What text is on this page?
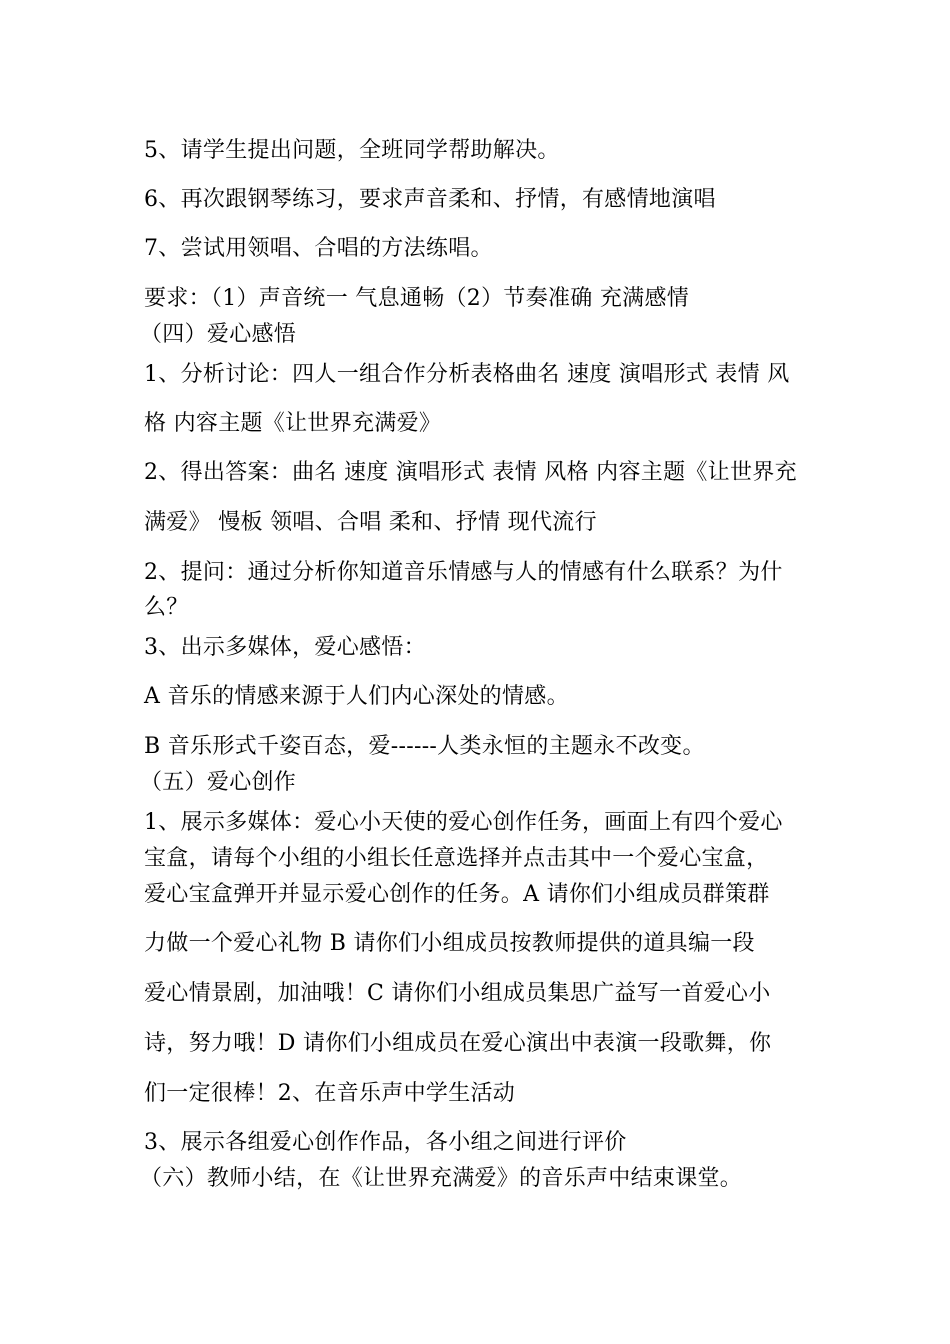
5、请学生提出问题，全班同学帮助解决。
6、再次跟钢琴练习，要求声音柔和、抒情，有感情地演唱
7、尝试用领唱、合唱的方法练唱。
要求：（1）声音统一 气息通畅（2）节奏准确 充满感情
（四）爱心感悟
1、分析讨论：四人一组合作分析表格曲名 速度 演唱形式 表情 风
格 内容主题《让世界充满爱》
2、得出答案：曲名 速度 演唱形式 表情 风格 内容主题《让世界充
满爱》 慢板 领唱、合唱 柔和、抒情 现代流行
2、提问：通过分析你知道音乐情感与人的情感有什么联系？为什
么？
3、出示多媒体，爱心感悟：
A 音乐的情感来源于人们内心深处的情感。
B 音乐形式千姿百态，爱------人类永恒的主题永不改变。
（五）爱心创作
1、展示多媒体：爱心小天使的爱心创作任务，画面上有四个爱心
宝盒，请每个小组的小组长任意选择并点击其中一个爱心宝盒，
爱心宝盒弹开并显示爱心创作的任务。A 请你们小组成员群策群
力做一个爱心礼物 B 请你们小组成员按教师提供的道具编一段
爱心情景剧，加油哦！C 请你们小组成员集思广益写一首爱心小
诗，努力哦！D 请你们小组成员在爱心演出中表演一段歌舞，你
们一定很棒！2、在音乐声中学生活动
3、展示各组爱心创作作品，各小组之间进行评价
（六）教师小结，在《让世界充满爱》的音乐声中结束课堂。
